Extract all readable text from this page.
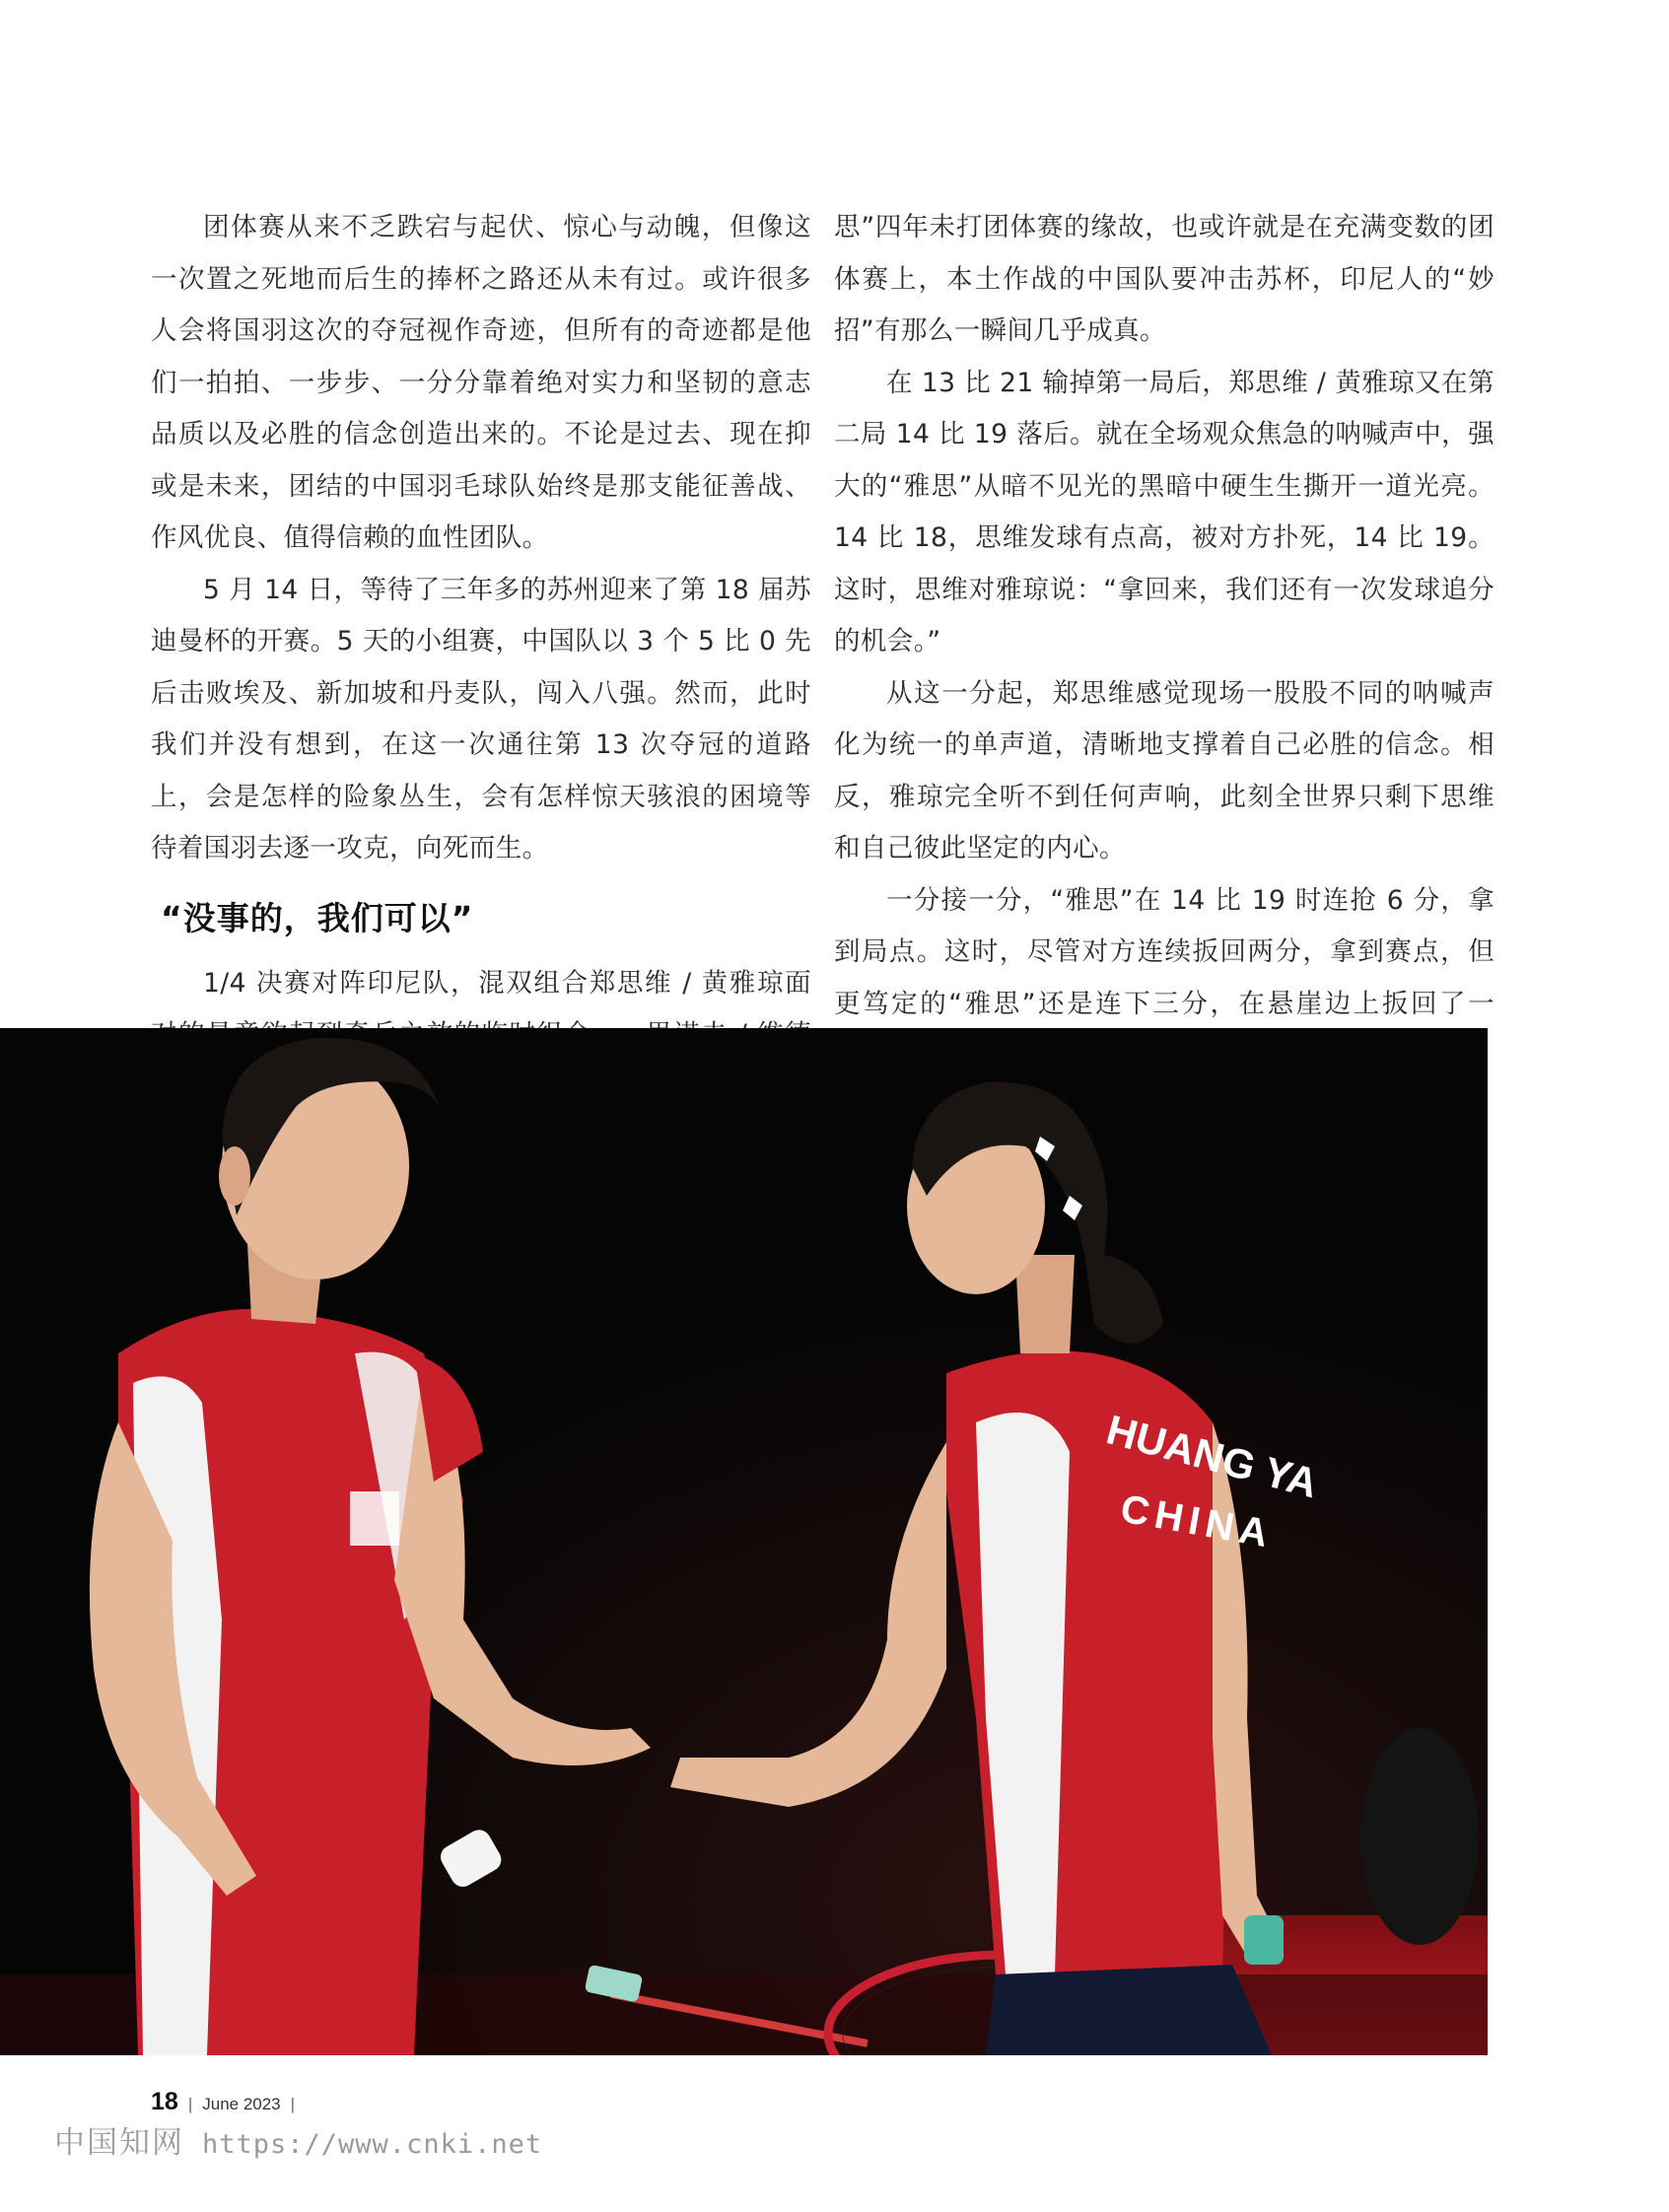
团体赛从来不乏跌宕与起伏、惊心与动魄，但像这一次置之死地而后生的捧杯之路还从未有过。或许很多人会将国羽这次的夺冠视作奇迹，但所有的奇迹都是他们一拍拍、一步步、一分分靠着绝对实力和坚韧的意志品质以及必胜的信念创造出来的。不论是过去、现在抑或是未来，团结的中国羽毛球队始终是那支能征善战、作风优良、值得信赖的血性团队。

5 月 14 日，等待了三年多的苏州迎来了第 18 届苏迪曼杯的开赛。5 天的小组赛，中国队以 3 个 5 比 0 先后击败埃及、新加坡和丹麦队，闯入八强。然而，此时我们并没有想到，在这一次通往第 13 次夺冠的道路上，会是怎样的险象丛生，会有怎样惊天骇浪的困境等待着国羽去逐一攻克，向死而生。

“没事的，我们可以”

1/4 决赛对阵印尼队，混双组合郑思维 / 黄雅琼面

思”四年未打团体赛的缘故，也或许就是在充满变数的团体赛上，本土作战的中国队要冲击苏杯，印尼人的“妙招”有那么一瞬间几乎成真。

在 13 比 21 输掉第一局后，郑思维 / 黄雅琼又在第二局 14 比 19 落后。就在全场观众焦急的呐喊声中，强大的“雅思”从暗不见光的黑暗中硬生生撕开一道光亮。14 比 18，思维发球有点高，被对方扑死，14 比 19。这时，思维对雅琼说：“拿回来，我们还有一次发球追分的机会。”

从这一分起，郑思维感觉现场一股股不同的呐喊声化为统一的单声道，清晰地支撑着自己必胜的信念。相反，雅琼完全听不到任何声响，此刻全世界只剩下思维和自己彼此坚定的内心。

一分接一分，“雅思”在 14 比 19 时连抢 6 分，拿到局点。这时，尽管对方连续扳回两分，拿到赛点，但更笃定的“雅思”还是连下三分，在悬崖边上扳回了一

HUANG YA
CHINA
18 | June 2023 |
中国知网 https://www.cnki.net
